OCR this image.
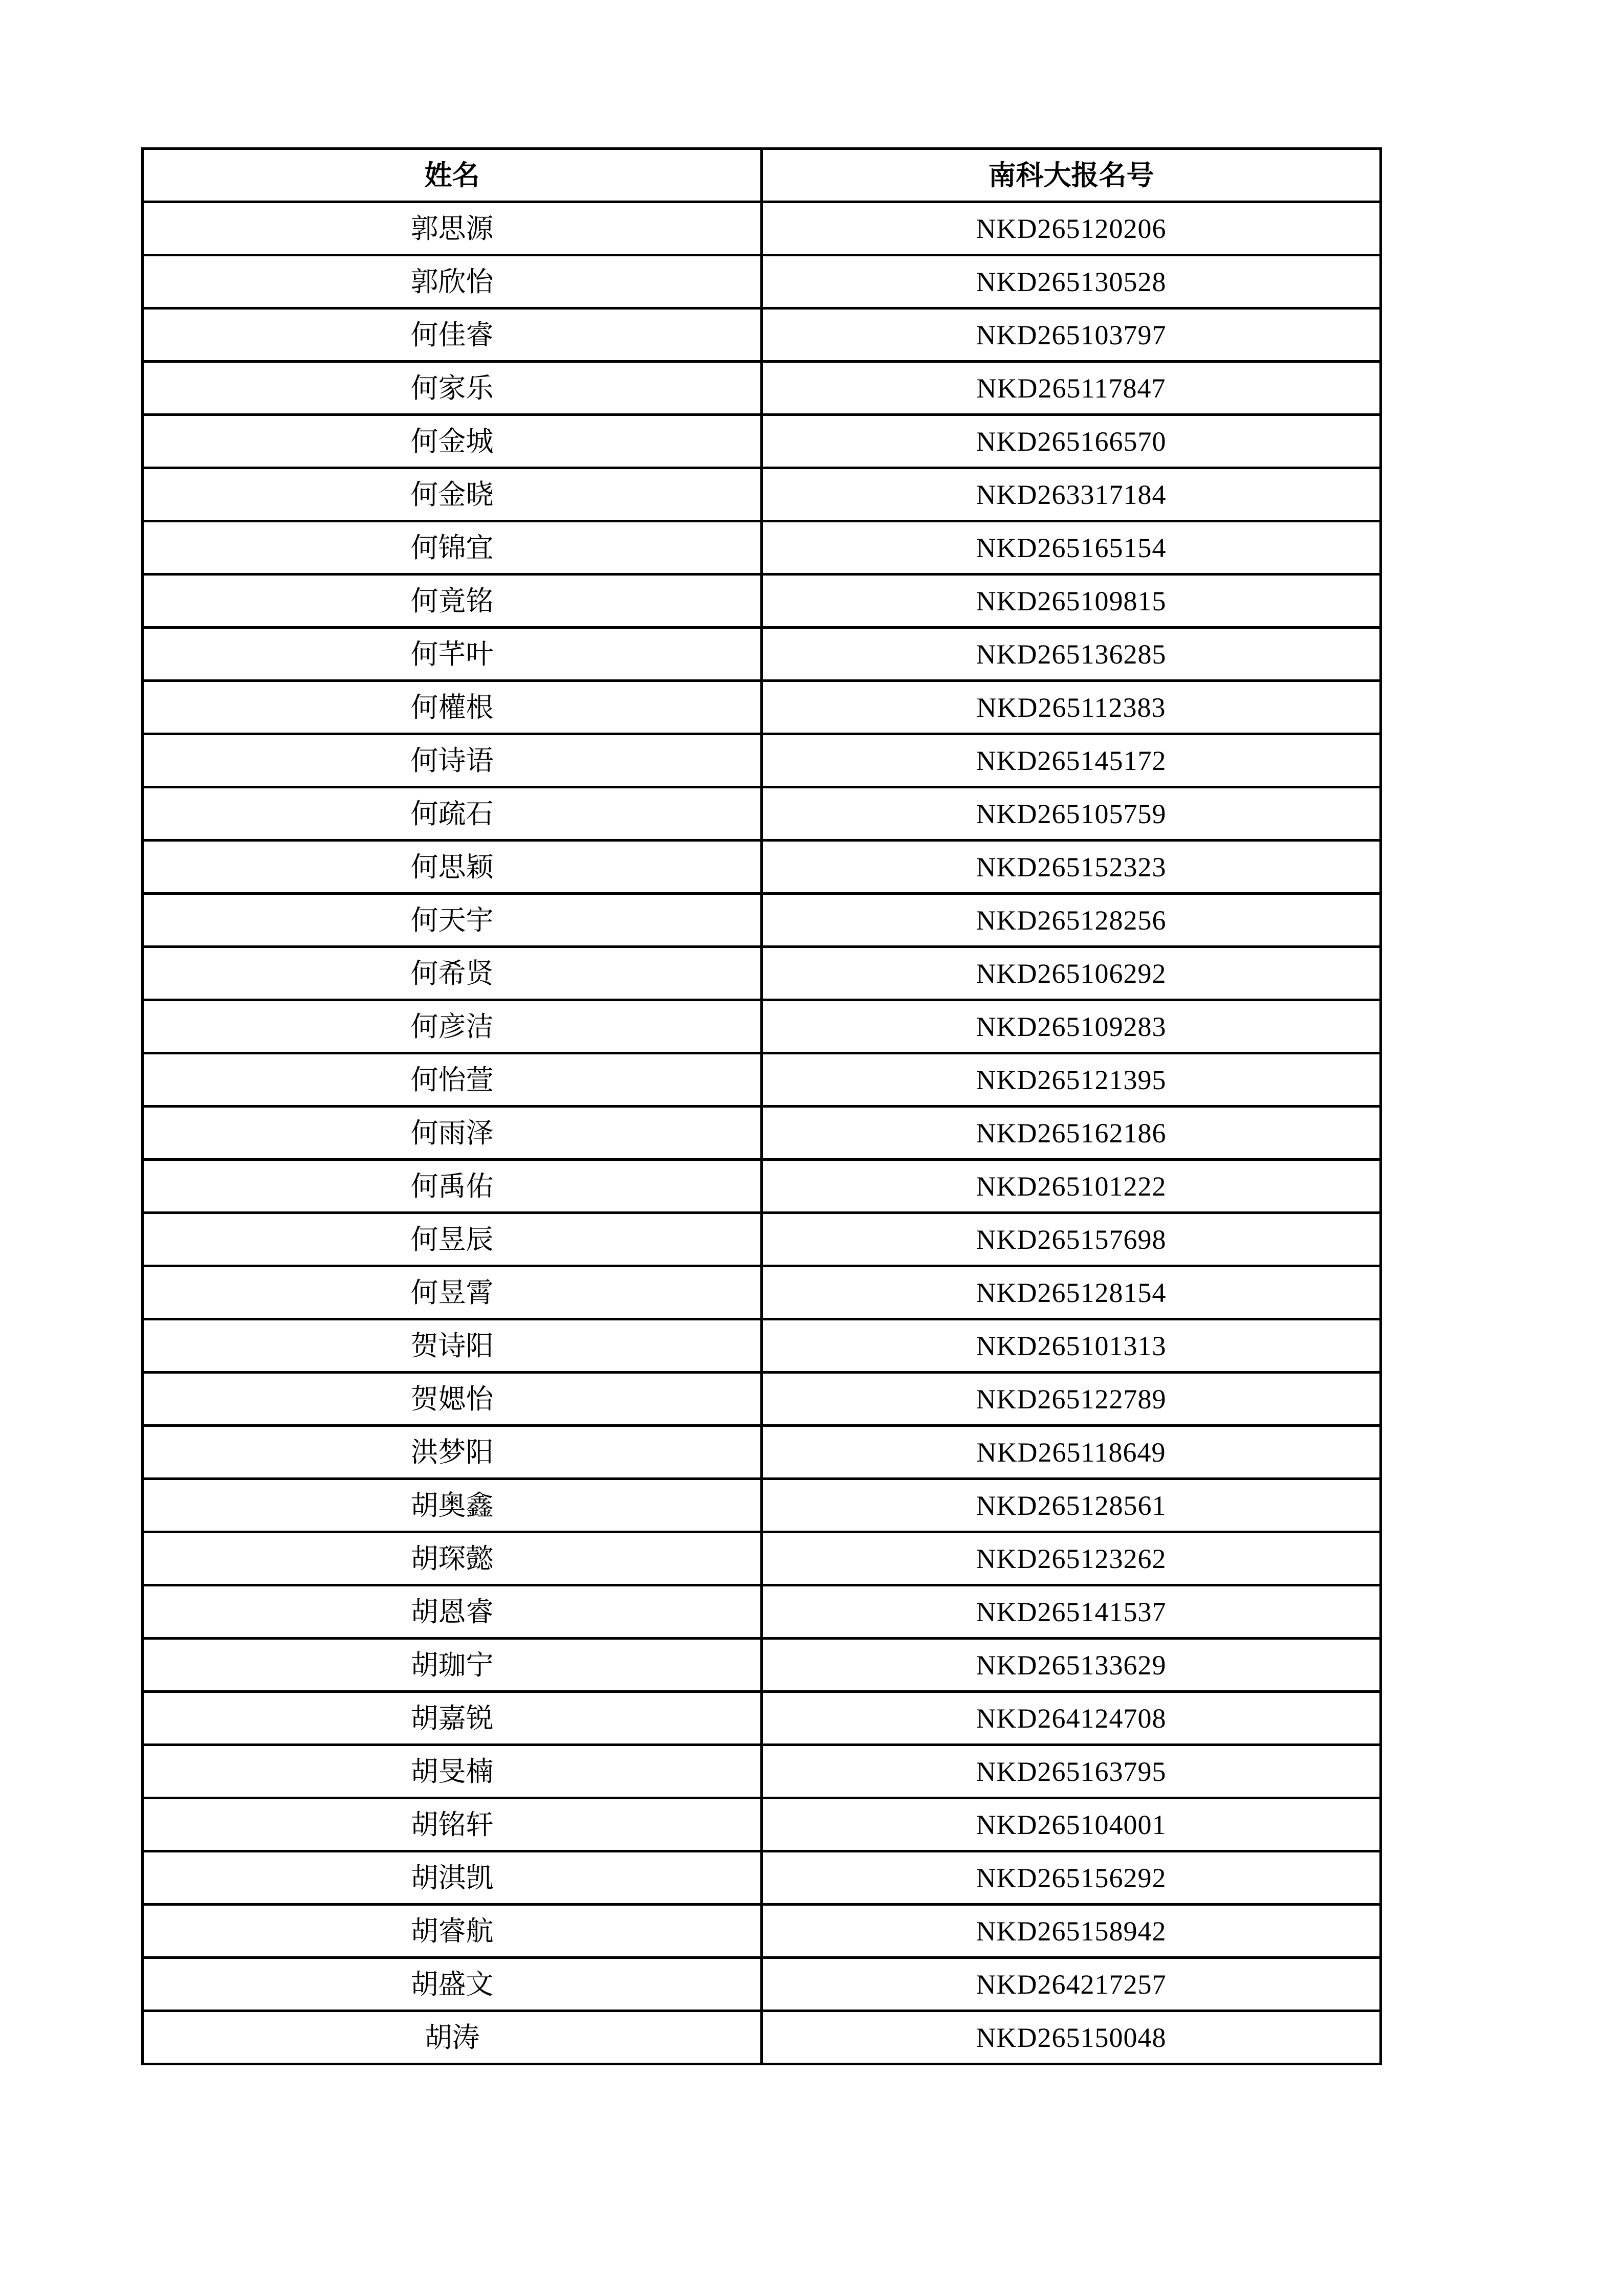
姓名	南科大报名号
郭思源	NKD265120206
郭欣怡	NKD265130528
何佳睿	NKD265103797
何家乐	NKD265117847
何金城	NKD265166570
何金晓	NKD263317184
何锦宜	NKD265165154
何竟铭	NKD265109815
何芊叶	NKD265136285
何權根	NKD265112383
何诗语	NKD265145172
何疏石	NKD265105759
何思颖	NKD265152323
何天宇	NKD265128256
何希贤	NKD265106292
何彦洁	NKD265109283
何怡萱	NKD265121395
何雨泽	NKD265162186
何禹佑	NKD265101222
何昱辰	NKD265157698
何昱霄	NKD265128154
贺诗阳	NKD265101313
贺媤怡	NKD265122789
洪梦阳	NKD265118649
胡奥鑫	NKD265128561
胡琛懿	NKD265123262
胡恩睿	NKD265141537
胡珈宁	NKD265133629
胡嘉锐	NKD264124708
胡旻楠	NKD265163795
胡铭轩	NKD265104001
胡淇凯	NKD265156292
胡睿航	NKD265158942
胡盛文	NKD264217257
胡涛	NKD265150048
